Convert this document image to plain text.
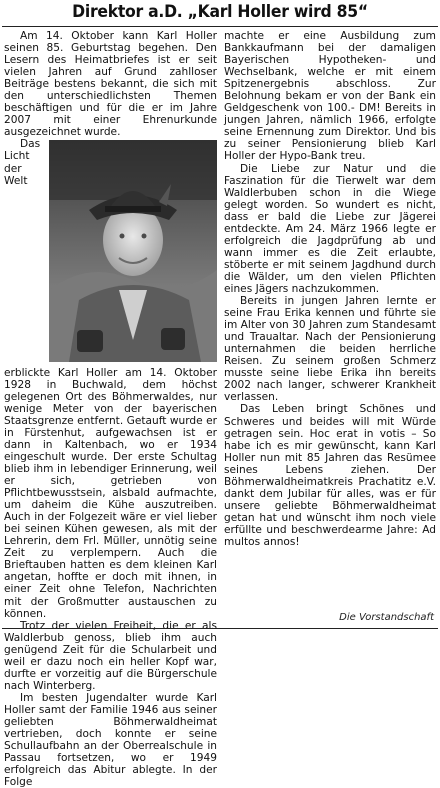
Direktor a.D. „Karl Holler wird 85“

Am 14. Oktober kann Karl Holler seinen 85. Geburtstag begehen. Den Lesern des Heimatbriefes ist er seit vielen Jahren auf Grund zahlloser Beiträge bestens bekannt, die sich mit den unterschiedlichsten Themen beschäftigen und für die er im Jahre 2007 mit einer Ehrenurkunde ausgezeichnet wurde.

Das Licht der Welt erblickte Karl Holler am 14. Oktober 1928 in Buchwald, dem höchst gelegenen Ort des Böhmerwaldes, nur wenige Meter von der bayerischen Staatsgrenze entfernt. Getauft wurde er in Fürstenhut, aufgewachsen ist er dann in Kaltenbach, wo er 1934 eingeschult wurde. Der erste Schultag blieb ihm in lebendiger Erinnerung, weil er sich, getrieben von Pflichtbewusstsein, alsbald aufmachte, um daheim die Kühe auszutreiben. Auch in der Folgezeit wäre er viel lieber bei seinen Kühen gewesen, als mit der Lehrerin, dem Frl. Müller, unnötig seine Zeit zu verplempern. Auch die Brieftauben hatten es dem kleinen Karl angetan, hoffte er doch mit ihnen, in einer Zeit ohne Telefon, Nachrichten mit der Großmutter austauschen zu können.

Trotz der vielen Freiheit, die er als Waldlerbub genoss, blieb ihm auch genügend Zeit für die Schularbeit und weil er dazu noch ein heller Kopf war, durfte er vorzeitig auf die Bürgerschule nach Winterberg.

Im besten Jugendalter wurde Karl Holler samt der Familie 1946 aus seiner geliebten Böhmerwaldheimat vertrieben, doch konnte er seine Schullaufbahn an der Oberrealschule in Passau fortsetzen, wo er 1949 erfolgreich das Abitur ablegte. In der Folge

machte er eine Ausbildung zum Bankkaufmann bei der damaligen Bayerischen Hypotheken- und Wechselbank, welche er mit einem Spitzenergebnis abschloss. Zur Belohnung bekam er von der Bank ein Geldgeschenk von 100.- DM! Bereits in jungen Jahren, nämlich 1966, erfolgte seine Ernennung zum Direktor. Und bis zu seiner Pensionierung blieb Karl Holler der Hypo-Bank treu.

Die Liebe zur Natur und die Faszination für die Tierwelt war dem Waldlerbuben schon in die Wiege gelegt worden. So wundert es nicht, dass er bald die Liebe zur Jägerei entdeckte. Am 24. März 1966 legte er erfolgreich die Jagdprüfung ab und wann immer es die Zeit erlaubte, stöberte er mit seinem Jagdhund durch die Wälder, um den vielen Pflichten eines Jägers nachzukommen.

Bereits in jungen Jahren lernte er seine Frau Erika kennen und führte sie im Alter von 30 Jahren zum Standesamt und Traualtar. Nach der Pensionierung unternahmen die beiden herrliche Reisen. Zu seinem großen Schmerz musste seine liebe Erika ihn bereits 2002 nach langer, schwerer Krankheit verlassen.

Das Leben bringt Schönes und Schweres und beides will mit Würde getragen sein. Hoc erat in votis – So habe ich es mir gewünscht, kann Karl Holler nun mit 85 Jahren das Resümee seines Lebens ziehen. Der Böhmerwaldheimatkreis Prachatitz e.V. dankt dem Jubilar für alles, was er für unsere geliebte Böhmerwaldheimat getan hat und wünscht ihm noch viele erfüllte und beschwerdearme Jahre: Ad multos annos!

Die Vorstandschaft
